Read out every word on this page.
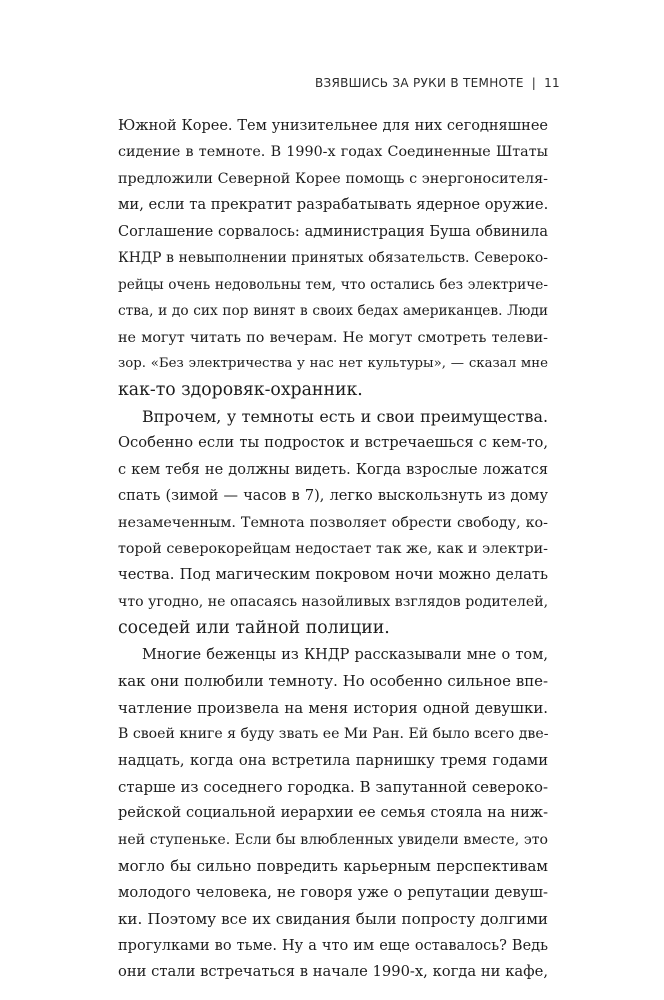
ВЗЯВШИСЬ ЗА РУКИ В ТЕМНОТЕ | 11
Южной Корее. Тем унизительнее для них сегодняшнее
сидение в темноте. В 1990-х годах Соединенные Штаты
предложили Северной Корее помощь с энергоносителя-
ми, если та прекратит разрабатывать ядерное оружие.
Соглашение сорвалось: администрация Буша обвинила
КНДР в невыполнении принятых обязательств. Североко-
рейцы очень недовольны тем, что остались без электриче-
ства, и до сих пор винят в своих бедах американцев. Люди
не могут читать по вечерам. Не могут смотреть телеви-
зор. «Без электричества у нас нет культуры», — сказал мне
как-то здоровяк-охранник.
Впрочем, у темноты есть и свои преимущества.
Особенно если ты подросток и встречаешься с кем-то,
с кем тебя не должны видеть. Когда взрослые ложатся
спать (зимой — часов в 7), легко выскользнуть из дому
незамеченным. Темнота позволяет обрести свободу, ко-
торой северокорейцам недостает так же, как и электри-
чества. Под магическим покровом ночи можно делать
что угодно, не опасаясь назойливых взглядов родителей,
соседей или тайной полиции.
Многие беженцы из КНДР рассказывали мне о том,
как они полюбили темноту. Но особенно сильное впе-
чатление произвела на меня история одной девушки.
В своей книге я буду звать ее Ми Ран. Ей было всего две-
надцать, когда она встретила парнишку тремя годами
старше из соседнего городка. В запутанной североко-
рейской социальной иерархии ее семья стояла на ниж-
ней ступеньке. Если бы влюбленных увидели вместе, это
могло бы сильно повредить карьерным перспективам
молодого человека, не говоря уже о репутации девуш-
ки. Поэтому все их свидания были попросту долгими
прогулками во тьме. Ну а что им еще оставалось? Ведь
они стали встречаться в начале 1990-х, когда ни кафе,
